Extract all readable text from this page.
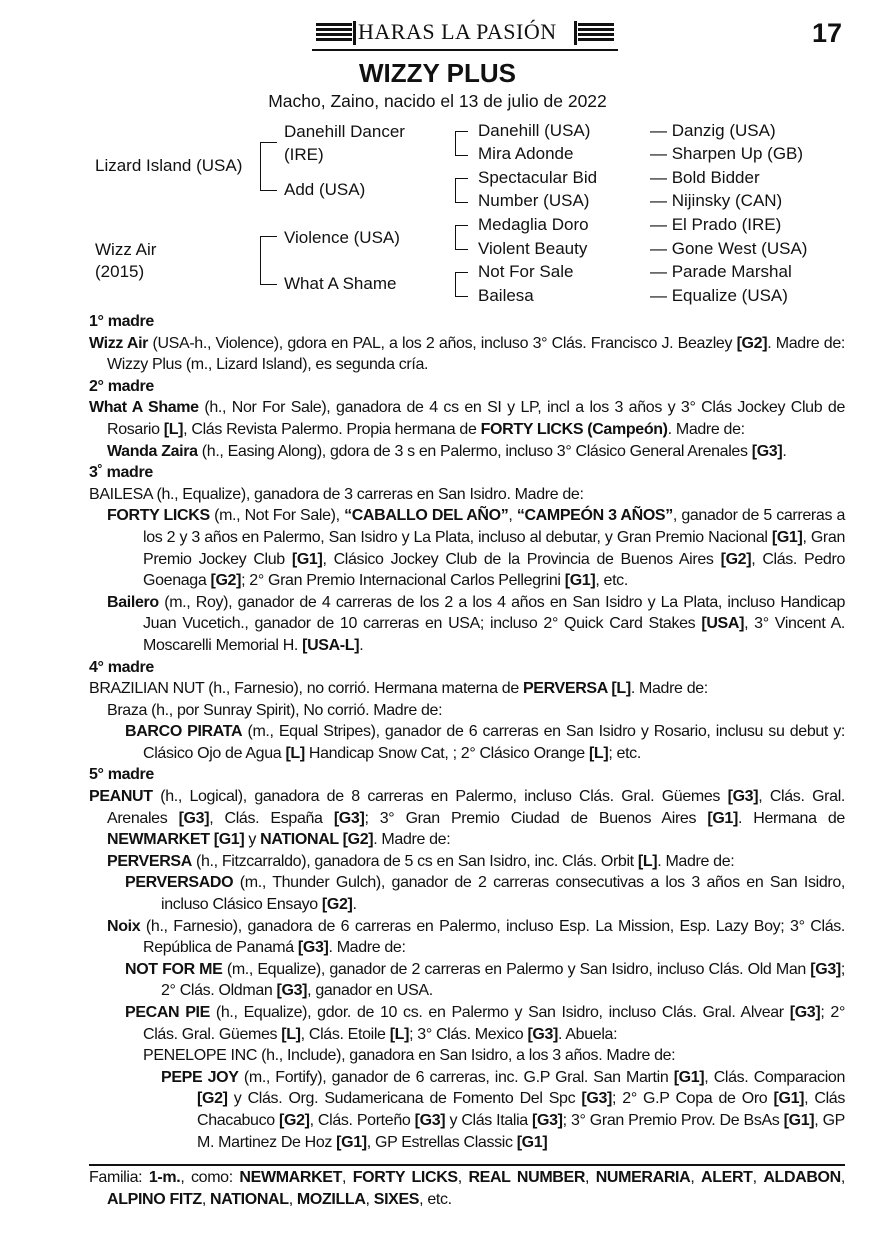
HARAS LA PASIÓN	17
WIZZY PLUS
Macho, Zaino, nacido el 13 de julio de 2022
Lizard Island (USA)
Wizz Air
(2015)
Danehill Dancer
(IRE)
Add (USA)
Violence (USA)
What A Shame
Danehill (USA)
Mira Adonde
Spectacular Bid
Number (USA)
Medaglia Doro
Violent Beauty
Not For Sale
Bailesa
— Danzig (USA)
— Sharpen Up (GB)
— Bold Bidder
— Nijinsky (CAN)
— El Prado (IRE)
— Gone West (USA)
— Parade Marshal
— Equalize (USA)

1° madre

Wizz Air (USA-h., Violence), gdora en PAL, a los 2 años, incluso 3° Clás. Francisco J. Beazley [G2]. Madre de: Wizzy Plus (m., Lizard Island), es segunda cría.

2° madre

What A Shame (h., Nor For Sale), ganadora de 4 cs en SI y LP, incl a los 3 años y 3° Clás Jockey Club de Rosario [L], Clás Revista Palermo. Propia hermana de FORTY LICKS (Campeón). Madre de:

Wanda Zaira (h., Easing Along), gdora de 3 s en Palermo, incluso 3° Clásico General Arenales [G3].

3˚ madre

BAILESA (h., Equalize), ganadora de 3 carreras en San Isidro. Madre de:

FORTY LICKS (m., Not For Sale), “CABALLO DEL AÑO”, “CAMPEÓN 3 AÑOS”, ganador de 5 carreras a los 2 y 3 años en Palermo, San Isidro y La Plata, incluso al debutar, y Gran Premio Nacional [G1], Gran Premio Jockey Club [G1], Clásico Jockey Club de la Provincia de Buenos Aires [G2], Clás. Pedro Goenaga [G2]; 2° Gran Premio Internacional Carlos Pellegrini [G1], etc.

Bailero (m., Roy), ganador de 4 carreras de los 2 a los 4 años en San Isidro y La Plata, incluso Handicap Juan Vucetich., ganador de 10 carreras en USA; incluso 2° Quick Card Stakes [USA], 3° Vincent A. Moscarelli Memorial H. [USA-L].

4° madre

BRAZILIAN NUT (h., Farnesio), no corrió. Hermana materna de PERVERSA [L]. Madre de:

Braza (h., por Sunray Spirit), No corrió. Madre de:

BARCO PIRATA (m., Equal Stripes), ganador de 6 carreras en San Isidro y Rosario, inclusu su debut y: Clásico Ojo de Agua [L] Handicap Snow Cat, ; 2° Clásico Orange [L]; etc.

5° madre

PEANUT (h., Logical), ganadora de 8 carreras en Palermo, incluso Clás. Gral. Güemes [G3], Clás. Gral. Arenales [G3], Clás. España [G3]; 3° Gran Premio Ciudad de Buenos Aires [G1]. Hermana de NEWMARKET [G1] y NATIONAL [G2]. Madre de:

PERVERSA (h., Fitzcarraldo), ganadora de 5 cs en San Isidro, inc. Clás. Orbit [L]. Madre de:

PERVERSADO (m., Thunder Gulch), ganador de 2 carreras consecutivas a los 3 años en San Isidro, incluso Clásico Ensayo [G2].

Noix (h., Farnesio), ganadora de 6 carreras en Palermo, incluso Esp. La Mission, Esp. Lazy Boy; 3° Clás. República de Panamá [G3]. Madre de:

NOT FOR ME (m., Equalize), ganador de 2 carreras en Palermo y San Isidro, incluso Clás. Old Man [G3]; 2° Clás. Oldman [G3], ganador en USA.

PECAN PIE (h., Equalize), gdor. de 10 cs. en Palermo y San Isidro, incluso Clás. Gral. Alvear [G3]; 2° Clás. Gral. Güemes [L], Clás. Etoile [L]; 3° Clás. Mexico [G3]. Abuela:

PENELOPE INC (h., Include), ganadora en San Isidro, a los 3 años. Madre de:

PEPE JOY (m., Fortify), ganador de 6 carreras, inc. G.P Gral. San Martin [G1], Clás. Comparacion [G2] y Clás. Org. Sudamericana de Fomento Del Spc [G3]; 2° G.P Copa de Oro [G1], Clás Chacabuco [G2], Clás. Porteño [G3] y Clás Italia [G3]; 3° Gran Premio Prov. De BsAs [G1], GP M. Martinez De Hoz [G1], GP Estrellas Classic [G1]

Familia: 1-m., como: NEWMARKET, FORTY LICKS, REAL NUMBER, NUMERARIA, ALERT, ALDABON, ALPINO FITZ, NATIONAL, MOZILLA, SIXES, etc.
